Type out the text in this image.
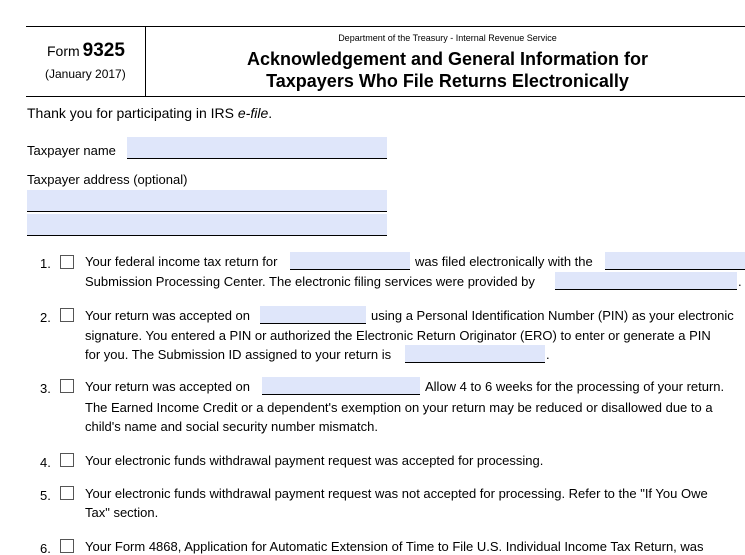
Form 9325
(January 2017)
Department of the Treasury - Internal Revenue Service
Acknowledgement and General Information for
Taxpayers Who File Returns Electronically
Thank you for participating in IRS e-file.
Taxpayer name
Taxpayer address (optional)
1.	Your federal income tax return for	was filed electronically with the
Submission Processing Center. The electronic filing services were provided by	.
2.	Your return was accepted on	using a Personal Identification Number (PIN) as your electronic
signature. You entered a PIN or authorized the Electronic Return Originator (ERO) to enter or generate a PIN
for you. The Submission ID assigned to your return is	.
3.	Your return was accepted on	Allow 4 to 6 weeks for the processing of your return.
The Earned Income Credit or a dependent's exemption on your return may be reduced or disallowed due to a
child's name and social security number mismatch.
4.	Your electronic funds withdrawal payment request was accepted for processing.
5.	Your electronic funds withdrawal payment request was not accepted for processing. Refer to the "If You Owe
Tax" section.
6.	Your Form 4868, Application for Automatic Extension of Time to File U.S. Individual Income Tax Return, was
